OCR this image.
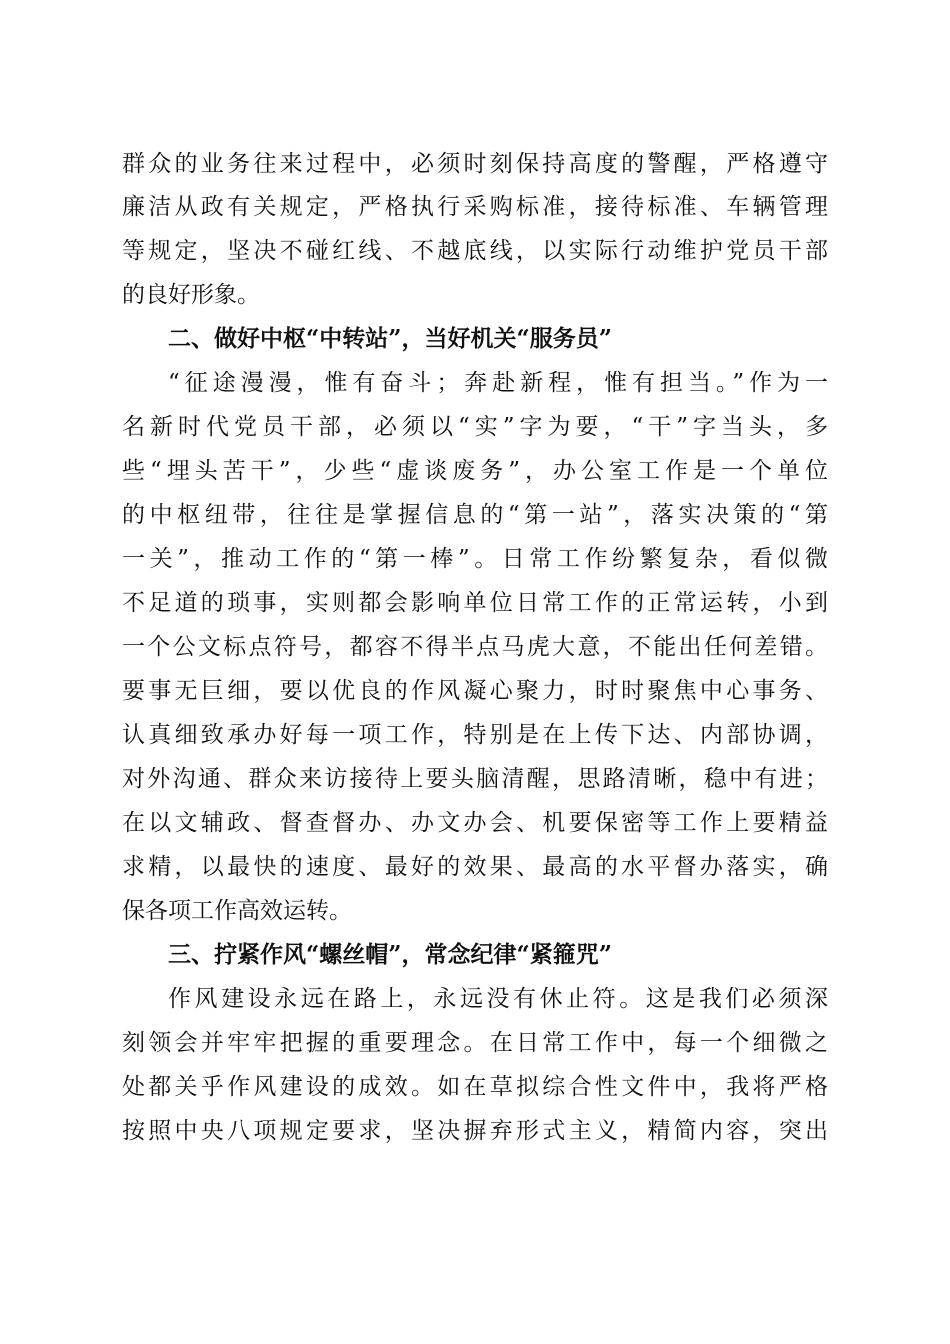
群众的业务往来过程中，必须时刻保持高度的警醒，严格遵守
廉洁从政有关规定，严格执行采购标准，接待标准、车辆管理
等规定，坚决不碰红线、不越底线，以实际行动维护党员干部
的良好形象。
二、做好中枢“中转站”，当好机关“服务员”
“征途漫漫，惟有奋斗；奔赴新程，惟有担当。”作为一
名新时代党员干部，必须以“实”字为要，“干”字当头，多
些“埋头苦干”，少些“虚谈废务”，办公室工作是一个单位
的中枢纽带，往往是掌握信息的“第一站”，落实决策的“第
一关”，推动工作的“第一棒”。日常工作纷繁复杂，看似微
不足道的琐事，实则都会影响单位日常工作的正常运转，小到
一个公文标点符号，都容不得半点马虎大意，不能出任何差错。
要事无巨细，要以优良的作风凝心聚力，时时聚焦中心事务、
认真细致承办好每一项工作，特别是在上传下达、内部协调，
对外沟通、群众来访接待上要头脑清醒，思路清晰，稳中有进；
在以文辅政、督查督办、办文办会、机要保密等工作上要精益
求精，以最快的速度、最好的效果、最高的水平督办落实，确
保各项工作高效运转。
三、拧紧作风“螺丝帽”，常念纪律“紧箍咒”
作风建设永远在路上，永远没有休止符。这是我们必须深
刻领会并牢牢把握的重要理念。在日常工作中，每一个细微之
处都关乎作风建设的成效。如在草拟综合性文件中，我将严格
按照中央八项规定要求，坚决摒弃形式主义，精简内容，突出
